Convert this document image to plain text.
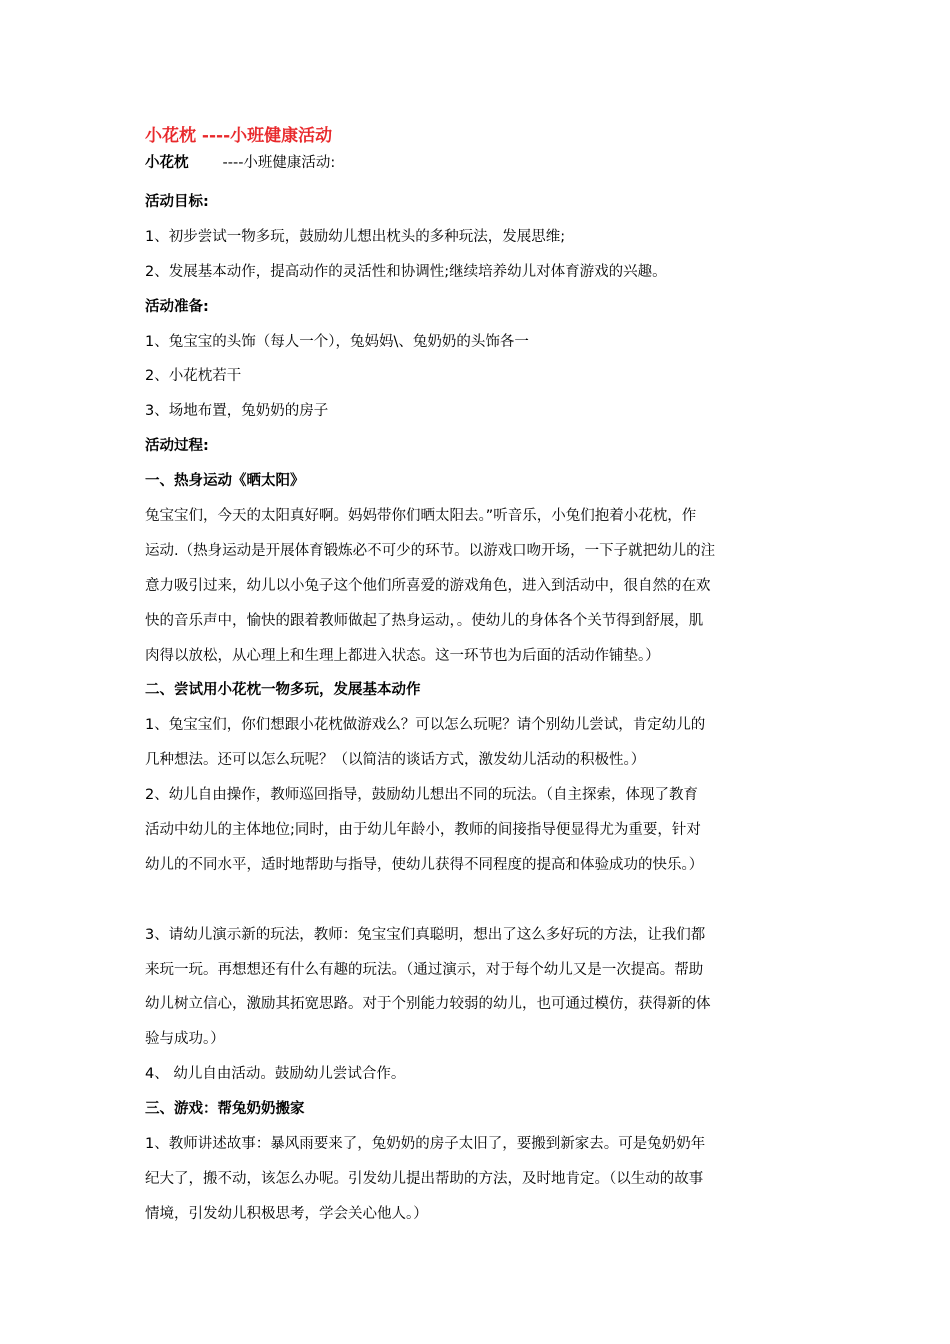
小花枕 ----小班健康活动
小花枕 ----小班健康活动:
活动目标:
1、初步尝试一物多玩，鼓励幼儿想出枕头的多种玩法，发展思维;
2、发展基本动作，提高动作的灵活性和协调性;继续培养幼儿对体育游戏的兴趣。
活动准备:
1、兔宝宝的头饰（每人一个），兔妈妈\、兔奶奶的头饰各一
2、小花枕若干
3、场地布置，兔奶奶的房子
活动过程:
一、热身运动《晒太阳》
兔宝宝们，今天的太阳真好啊。妈妈带你们晒太阳去。”听音乐，小兔们抱着小花枕，作
运动.（热身运动是开展体育锻炼必不可少的环节。以游戏口吻开场，一下子就把幼儿的注
意力吸引过来，幼儿以小兔子这个他们所喜爱的游戏角色，进入到活动中，很自然的在欢
快的音乐声中，愉快的跟着教师做起了热身运动，。使幼儿的身体各个关节得到舒展，肌
肉得以放松，从心理上和生理上都进入状态。这一环节也为后面的活动作铺垫。）
二、尝试用小花枕一物多玩，发展基本动作
1、兔宝宝们，你们想跟小花枕做游戏么？可以怎么玩呢？请个别幼儿尝试，肯定幼儿的
几种想法。还可以怎么玩呢？（以简洁的谈话方式，激发幼儿活动的积极性。）
2、幼儿自由操作，教师巡回指导，鼓励幼儿想出不同的玩法。（自主探索，体现了教育
活动中幼儿的主体地位;同时，由于幼儿年龄小，教师的间接指导便显得尤为重要，针对
幼儿的不同水平，适时地帮助与指导，使幼儿获得不同程度的提高和体验成功的快乐。）
3、请幼儿演示新的玩法，教师：兔宝宝们真聪明，想出了这么多好玩的方法，让我们都
来玩一玩。再想想还有什么有趣的玩法。（通过演示，对于每个幼儿又是一次提高。帮助
幼儿树立信心，激励其拓宽思路。对于个别能力较弱的幼儿，也可通过模仿，获得新的体
验与成功。）
4、 幼儿自由活动。鼓励幼儿尝试合作。
三、游戏：帮兔奶奶搬家
1、教师讲述故事：暴风雨要来了，兔奶奶的房子太旧了，要搬到新家去。可是兔奶奶年
纪大了，搬不动，该怎么办呢。引发幼儿提出帮助的方法，及时地肯定。（以生动的故事
情境，引发幼儿积极思考，学会关心他人。）
